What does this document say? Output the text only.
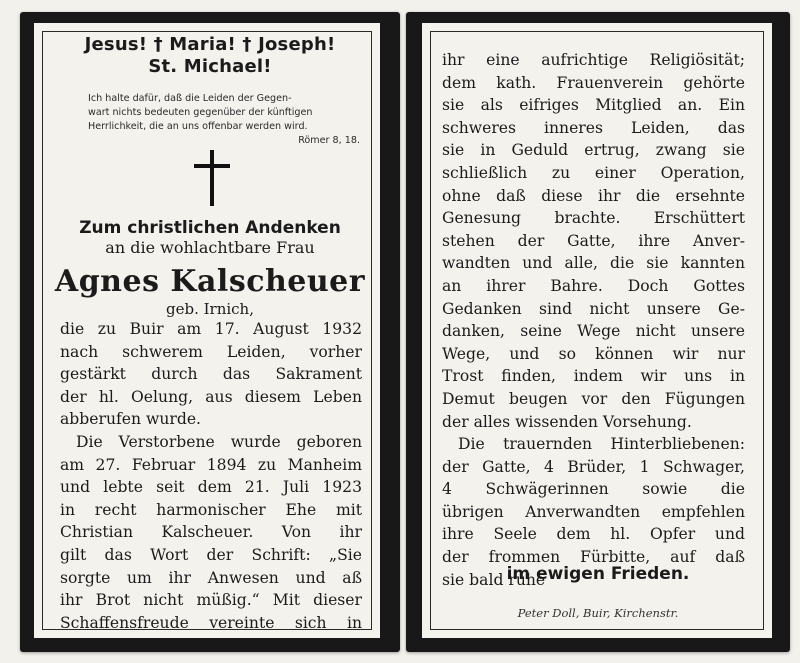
Jesus! † Maria! † Joseph!
St. Michael!
Ich halte dafür, daß die Leiden der Gegen-
wart nichts bedeuten gegenüber der künftigen
Herrlichkeit, die an uns offenbar werden wird.
Römer 8, 18.
Zum christlichen Andenken
an die wohlachtbare Frau
Agnes Kalscheuer
geb. Irnich,
die zu Buir am 17. August 1932
nach schwerem Leiden, vorher
gestärkt durch das Sakrament
der hl. Oelung, aus diesem Leben
abberufen wurde.
Die Verstorbene wurde geboren
am 27. Februar 1894 zu Manheim
und lebte seit dem 21. Juli 1923
in recht harmonischer Ehe mit
Christian Kalscheuer. Von ihr
gilt das Wort der Schrift: „Sie
sorgte um ihr Anwesen und aß
ihr Brot nicht müßig.“ Mit dieser
Schaffensfreude vereinte sich in
ihr eine aufrichtige Religiösität;
dem kath. Frauenverein gehörte
sie als eifriges Mitglied an. Ein
schweres inneres Leiden, das
sie in Geduld ertrug, zwang sie
schließlich zu einer Operation,
ohne daß diese ihr die ersehnte
Genesung brachte. Erschüttert
stehen der Gatte, ihre Anver-
wandten und alle, die sie kannten
an ihrer Bahre. Doch Gottes
Gedanken sind nicht unsere Ge-
danken, seine Wege nicht unsere
Wege, und so können wir nur
Trost finden, indem wir uns in
Demut beugen vor den Fügungen
der alles wissenden Vorsehung.
Die trauernden Hinterbliebenen:
der Gatte, 4 Brüder, 1 Schwager,
4 Schwägerinnen sowie die
übrigen Anverwandten empfehlen
ihre Seele dem hl. Opfer und
der frommen Fürbitte, auf daß
sie bald ruhe
im ewigen Frieden.
Peter Doll, Buir, Kirchenstr.
